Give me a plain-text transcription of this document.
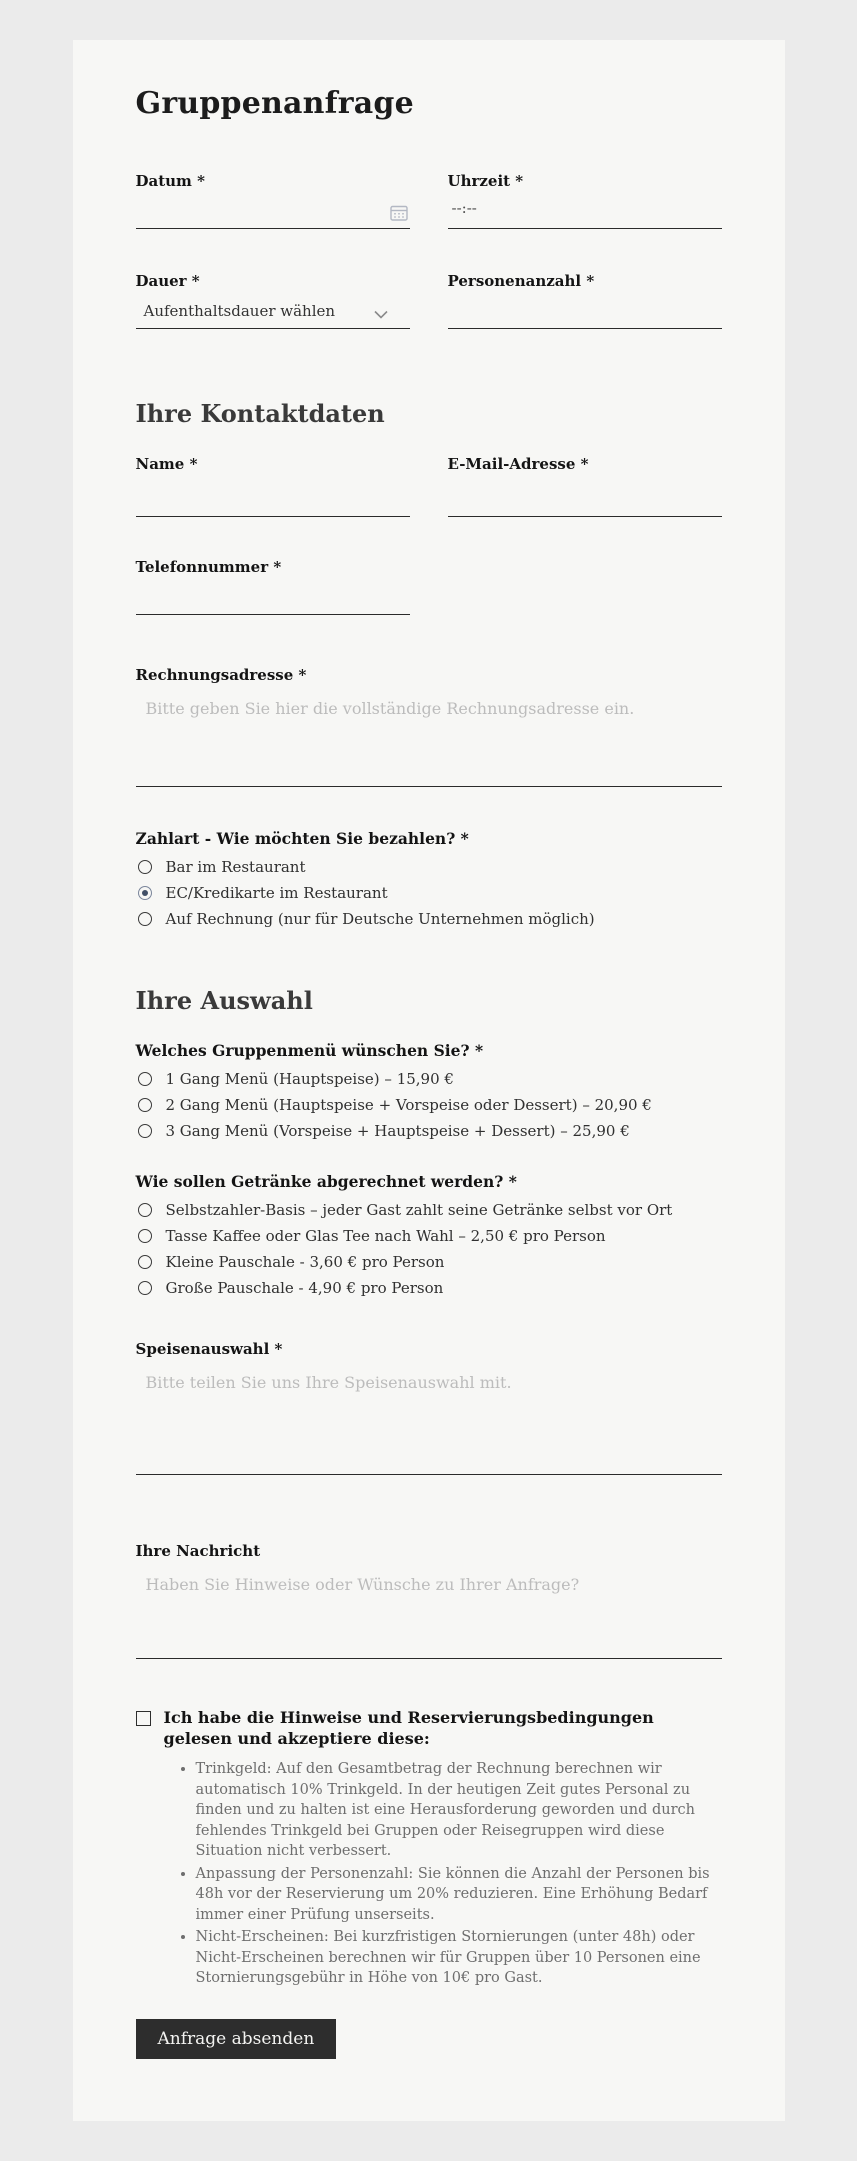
Gruppenanfrage
Datum *	Uhrzeit *
--:--
Dauer *
Aufenthaltsdauer wählen
Personenanzahl *
Ihre Kontaktdaten
Name *	E-Mail-Adresse *
Telefonnummer *
Rechnungsadresse *
Bitte geben Sie hier die vollständige Rechnungsadresse ein.
Zahlart - Wie möchten Sie bezahlen? *
Bar im Restaurant
EC/Kredikarte im Restaurant
Auf Rechnung (nur für Deutsche Unternehmen möglich)
Ihre Auswahl
Welches Gruppenmenü wünschen Sie? *
1 Gang Menü (Hauptspeise) – 15,90 €
2 Gang Menü (Hauptspeise + Vorspeise oder Dessert) – 20,90 €
3 Gang Menü (Vorspeise + Hauptspeise + Dessert) – 25,90 €
Wie sollen Getränke abgerechnet werden? *
Selbstzahler-Basis – jeder Gast zahlt seine Getränke selbst vor Ort
Tasse Kaffee oder Glas Tee nach Wahl – 2,50 € pro Person
Kleine Pauschale - 3,60 € pro Person
Große Pauschale - 4,90 € pro Person
Speisenauswahl *
Bitte teilen Sie uns Ihre Speisenauswahl mit.
Ihre Nachricht
Haben Sie Hinweise oder Wünsche zu Ihrer Anfrage?
Ich habe die Hinweise und Reservierungsbedingungen gelesen und akzeptiere diese:
• Trinkgeld: Auf den Gesamtbetrag der Rechnung berechnen wir automatisch 10% Trinkgeld. In der heutigen Zeit gutes Personal zu finden und zu halten ist eine Herausforderung geworden und durch fehlendes Trinkgeld bei Gruppen oder Reisegruppen wird diese Situation nicht verbessert.
• Anpassung der Personenzahl: Sie können die Anzahl der Personen bis 48h vor der Reservierung um 20% reduzieren. Eine Erhöhung Bedarf immer einer Prüfung unserseits.
• Nicht-Erscheinen: Bei kurzfristigen Stornierungen (unter 48h) oder Nicht-Erscheinen berechnen wir für Gruppen über 10 Personen eine Stornierungsgebühr in Höhe von 10€ pro Gast.
Anfrage absenden
